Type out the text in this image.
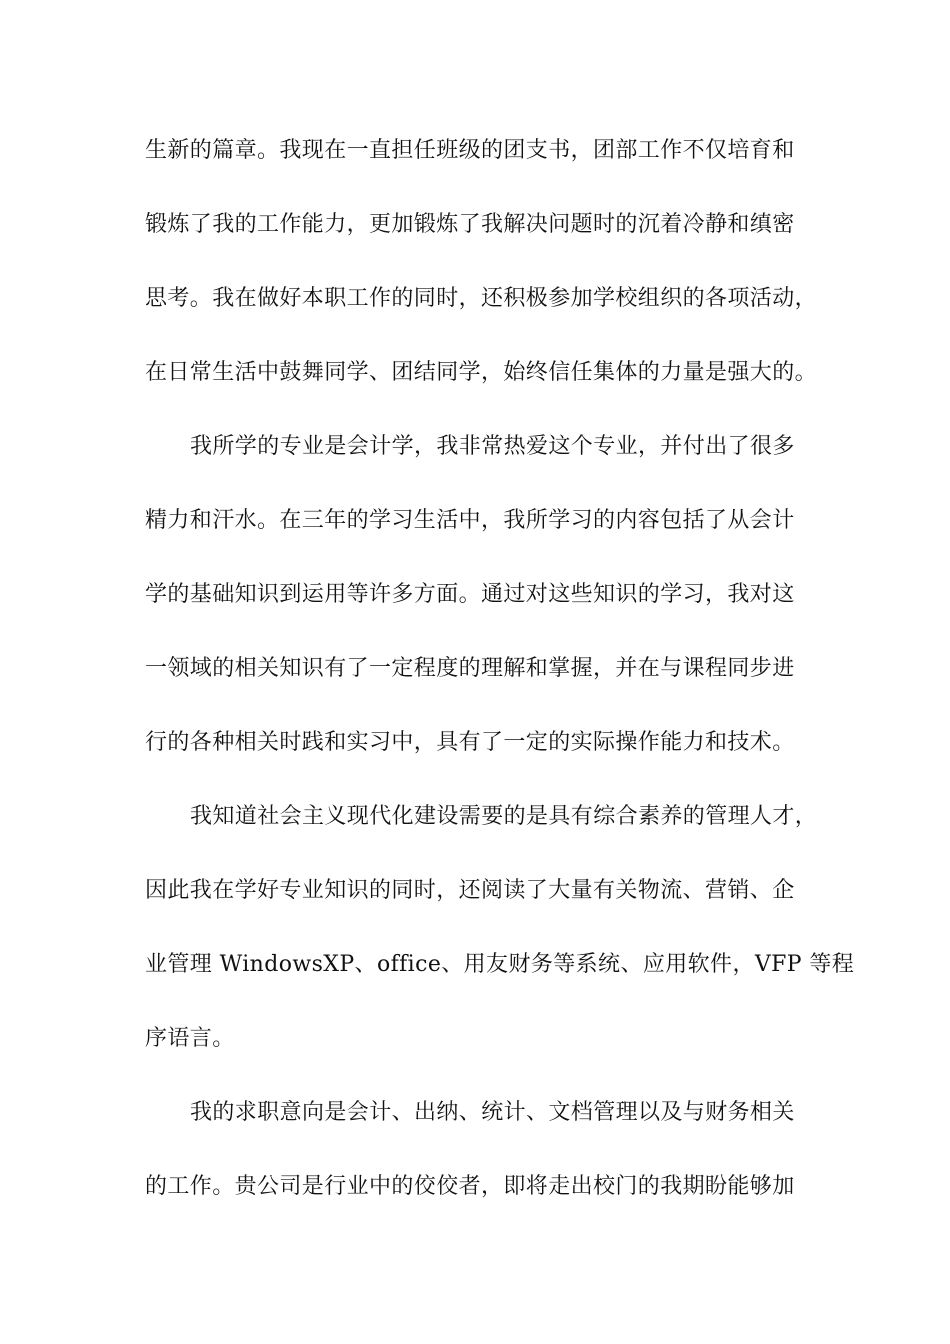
生新的篇章。我现在一直担任班级的团支书，团部工作不仅培育和
锻炼了我的工作能力，更加锻炼了我解决问题时的沉着冷静和缜密
思考。我在做好本职工作的同时，还积极参加学校组织的各项活动，
在日常生活中鼓舞同学、团结同学，始终信任集体的力量是强大的。
我所学的专业是会计学，我非常热爱这个专业，并付出了很多
精力和汗水。在三年的学习生活中，我所学习的内容包括了从会计
学的基础知识到运用等许多方面。通过对这些知识的学习，我对这
一领域的相关知识有了一定程度的理解和掌握，并在与课程同步进
行的各种相关时践和实习中，具有了一定的实际操作能力和技术。
我知道社会主义现代化建设需要的是具有综合素养的管理人才，
因此我在学好专业知识的同时，还阅读了大量有关物流、营销、企
业管理 WindowsXP、office、用友财务等系统、应用软件，VFP 等程
序语言。
我的求职意向是会计、出纳、统计、文档管理以及与财务相关
的工作。贵公司是行业中的佼佼者，即将走出校门的我期盼能够加
